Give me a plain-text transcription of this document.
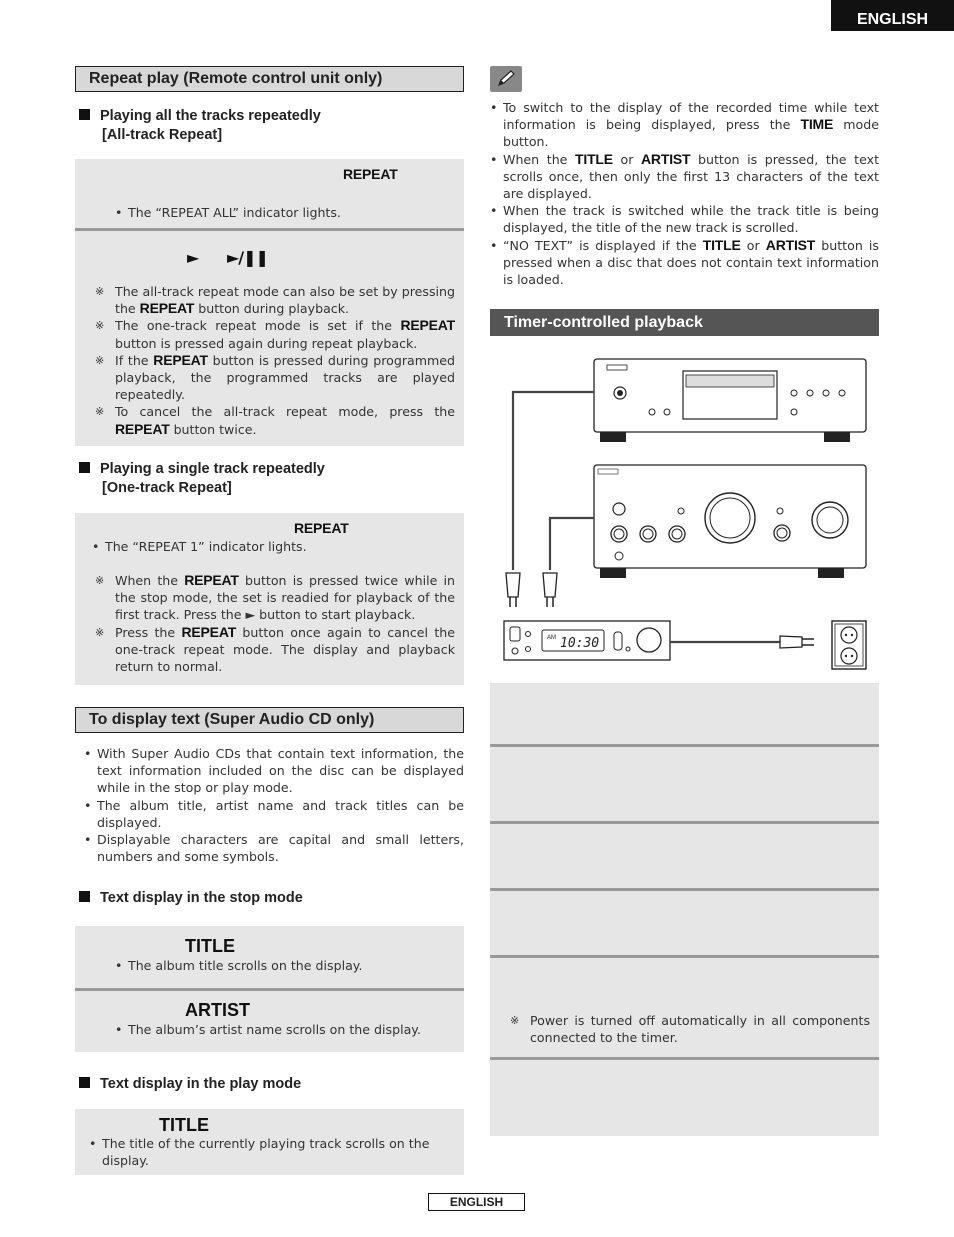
ENGLISH
Repeat play (Remote control unit only)
Playing all the tracks repeatedly
[All-track Repeat]
REPEAT
• The “REPEAT ALL” indicator lights.
► ►/❚❚
※ The all-track repeat mode can also be set by pressing the REPEAT button during playback.
※ The one-track repeat mode is set if the REPEAT button is pressed again during repeat playback.
※ If the REPEAT button is pressed during programmed playback, the programmed tracks are played repeatedly.
※ To cancel the all-track repeat mode, press the REPEAT button twice.
Playing a single track repeatedly
[One-track Repeat]
REPEAT
• The “REPEAT 1” indicator lights.
※ When the REPEAT button is pressed twice while in the stop mode, the set is readied for playback of the first track. Press the ► button to start playback.
※ Press the REPEAT button once again to cancel the one-track repeat mode. The display and playback return to normal.
To display text (Super Audio CD only)

• With Super Audio CDs that contain text information, the text information included on the disc can be displayed while in the stop or play mode.

• The album title, artist name and track titles can be displayed.

• Displayable characters are capital and small letters, numbers and some symbols.

Text display in the stop mode
TITLE
• The album title scrolls on the display.
ARTIST
• The album’s artist name scrolls on the display.
Text display in the play mode
TITLE
• The title of the currently playing track scrolls on the display.

• To switch to the display of the recorded time while text information is being displayed, press the TIME mode button.

• When the TITLE or ARTIST button is pressed, the text scrolls once, then only the first 13 characters of the text are displayed.

• When the track is switched while the track title is being displayed, the title of the new track is scrolled.

• “NO TEXT” is displayed if the TITLE or ARTIST button is pressed when a disc that does not contain text information is loaded.

Timer-controlled playback
AM 10:30
※ Power is turned off automatically in all components connected to the timer.
ENGLISH
